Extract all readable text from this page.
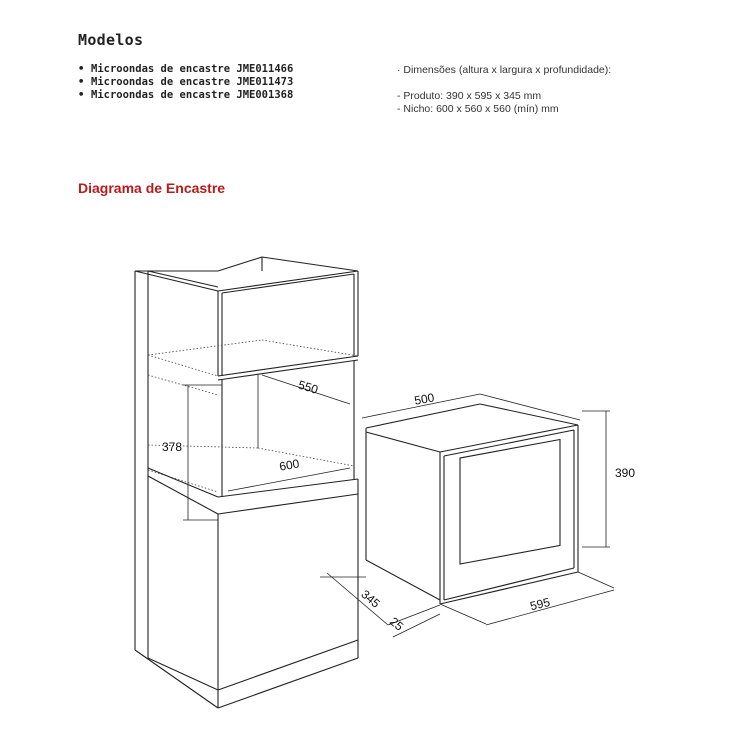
Modelos
• Microondas de encastre JME011466
• Microondas de encastre JME011473
• Microondas de encastre JME001368
· Dimensões (altura x largura x profundidade):
- Produto: 390 x 595 x 345 mm
- Nicho: 600 x 560 x 560 (mín) mm
Diagrama de Encastre
550
378
600
500
390
345
25
595
